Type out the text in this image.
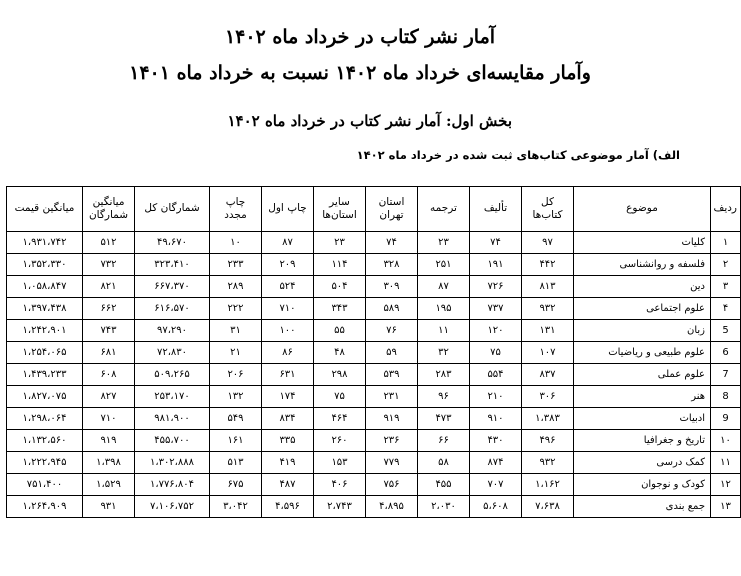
آمار نشر کتاب در خرداد ماه ۱۴۰۲
وآمار مقایسه‌ای خرداد ماه ۱۴۰۲ نسبت به خرداد ماه ۱۴۰۱
بخش اول: آمار نشر کتاب در خرداد ماه ۱۴۰۲
الف) آمار موضوعی کتاب‌های ثبت شده در خرداد ماه ۱۴۰۲
ردیف	موضوع	کل کتاب‌ها	تألیف	ترجمه	استان تهران	سایر استان‌ها	چاپ اول	چاپ مجدد	شمارگان کل	میانگین شمارگان	میانگین قیمت
۱	کلیات	۹۷	۷۴	۲۳	۷۴	۲۳	۸۷	۱۰	۴۹،۶۷۰	۵۱۲	۱،۹۳۱،۷۴۲
۲	فلسفه و روانشناسی	۴۴۲	۱۹۱	۲۵۱	۳۲۸	۱۱۴	۲۰۹	۲۳۳	۳۲۳،۴۱۰	۷۳۲	۱،۳۵۲،۳۳۰
۳	دین	۸۱۳	۷۲۶	۸۷	۳۰۹	۵۰۴	۵۲۴	۲۸۹	۶۶۷،۳۷۰	۸۲۱	۱،۰۵۸،۸۴۷
۴	علوم اجتماعی	۹۳۲	۷۳۷	۱۹۵	۵۸۹	۳۴۳	۷۱۰	۲۲۲	۶۱۶،۵۷۰	۶۶۲	۱،۳۹۷،۴۳۸
5	زبان	۱۳۱	۱۲۰	۱۱	۷۶	۵۵	۱۰۰	۳۱	۹۷،۲۹۰	۷۴۳	۱،۲۴۲،۹۰۱
6	علوم طبیعی و ریاضیات	۱۰۷	۷۵	۳۲	۵۹	۴۸	۸۶	۲۱	۷۲،۸۳۰	۶۸۱	۱،۲۵۴،۰۶۵
7	علوم عملی	۸۳۷	۵۵۴	۲۸۳	۵۳۹	۲۹۸	۶۳۱	۲۰۶	۵۰۹،۲۶۵	۶۰۸	۱،۴۳۹،۲۳۳
8	هنر	۳۰۶	۲۱۰	۹۶	۲۳۱	۷۵	۱۷۴	۱۳۲	۲۵۳،۱۷۰	۸۲۷	۱،۸۲۷،۰۷۵
9	ادبیات	۱،۳۸۳	۹۱۰	۴۷۳	۹۱۹	۴۶۴	۸۳۴	۵۴۹	۹۸۱،۹۰۰	۷۱۰	۱،۲۹۸،۰۶۴
۱۰	تاریخ و جغرافیا	۴۹۶	۴۳۰	۶۶	۲۳۶	۲۶۰	۳۳۵	۱۶۱	۴۵۵،۷۰۰	۹۱۹	۱،۱۳۲،۵۶۰
۱۱	کمک درسی	۹۳۲	۸۷۴	۵۸	۷۷۹	۱۵۳	۴۱۹	۵۱۳	۱،۳۰۲،۸۸۸	۱،۳۹۸	۱،۲۲۲،۹۴۵
۱۲	کودک و نوجوان	۱،۱۶۲	۷۰۷	۴۵۵	۷۵۶	۴۰۶	۴۸۷	۶۷۵	۱،۷۷۶،۸۰۴	۱،۵۲۹	۷۵۱،۴۰۰
۱۳	جمع بندی	۷،۶۳۸	۵،۶۰۸	۲،۰۳۰	۴،۸۹۵	۲،۷۴۳	۴،۵۹۶	۳،۰۴۲	۷،۱۰۶،۷۵۲	۹۳۱	۱،۲۶۴،۹۰۹
